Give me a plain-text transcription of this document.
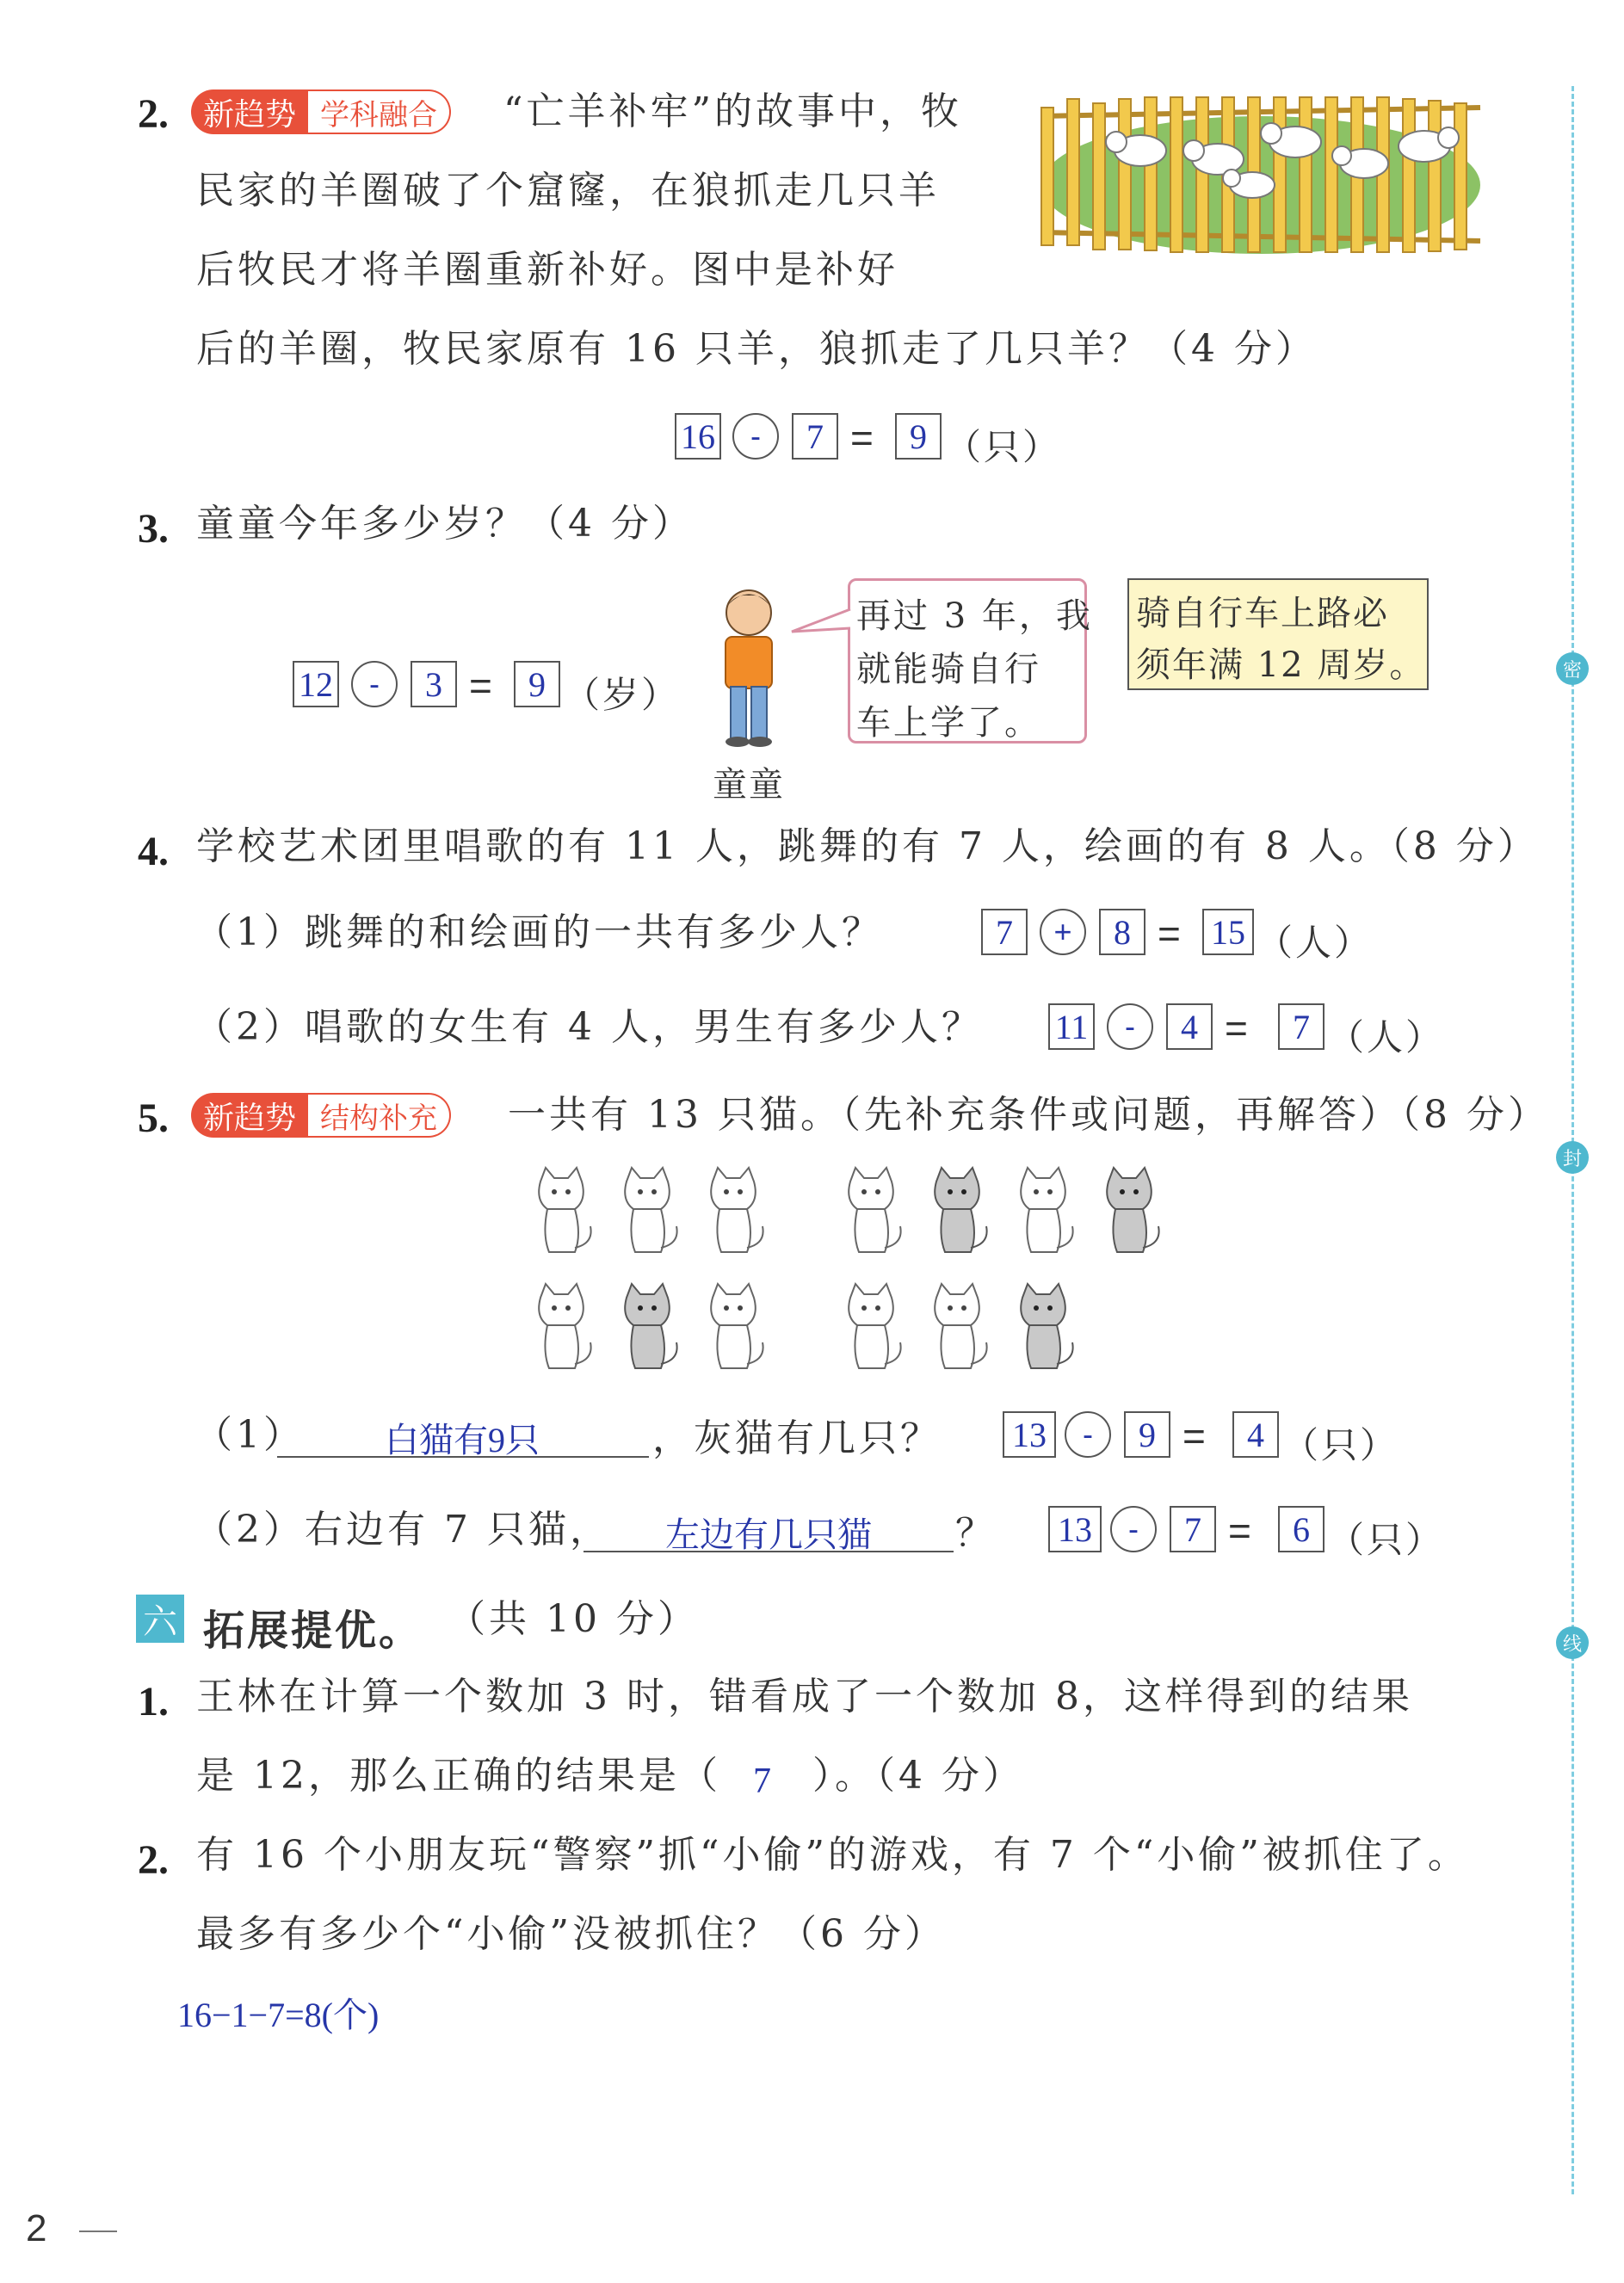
2.	新趋势 学科融合	“亡羊补牢”的故事中，牧
民家的羊圈破了个窟窿，在狼抓走几只羊
后牧民才将羊圈重新补好。图中是补好
后的羊圈，牧民家原有 16 只羊，狼抓走了几只羊？（4 分）
16	-	7 =	9 （只）
3. 童童今年多少岁？（4 分）
12	-	3 =	9 （岁）
童童
再过 3 年，我
就能骑自行
车上学了。
骑自行车上路必
须年满 12 周岁。
4. 学校艺术团里唱歌的有 11 人，跳舞的有 7 人，绘画的有 8 人。（8 分）
（1）跳舞的和绘画的一共有多少人？	7	+	8 = 15 （人）
（2）唱歌的女生有 4 人，男生有多少人？ 11	-	4 =	7 （人）
5.	新趋势 结构补充	一共有 13 只猫。（先补充条件或问题，再解答）（8 分）
（1） 白猫有9只	，灰猫有几只？ 13	-	9 =	4 （只）
（2）右边有 7 只猫， 左边有几只猫 ？ 13	-	7 =	6 （只）
六 拓展提优。 （共 10 分）
1. 王林在计算一个数加 3 时，错看成了一个数加 8，这样得到的结果
是 12，那么正确的结果是（ 7 ）。（4 分）
2. 有 16 个小朋友玩“警察”抓“小偷”的游戏，有 7 个“小偷”被抓住了。
最多有多少个“小偷”没被抓住？（6 分）
16−1−7=8(个)
密
封
线
2
